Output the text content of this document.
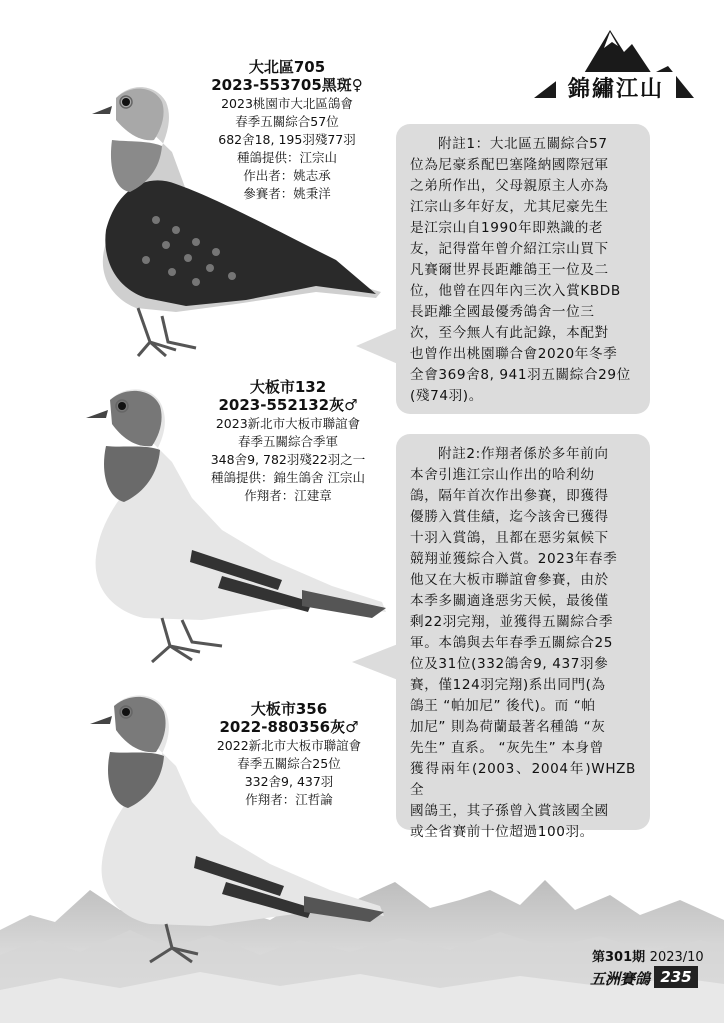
錦繡江山
大北區705
2023-553705黑斑♀
2023桃園市大北區鴿會
春季五關綜合57位
682舍18, 195羽殘77羽
種鴿提供：江宗山
作出者：姚志承
參賽者：姚秉洋
大板市132
2023-552132灰♂
2023新北市大板市聯誼會
春季五關綜合季軍
348舍9, 782羽殘22羽之一
種鴿提供：錦生鴿舍 江宗山
作翔者：江建章
大板市356
2022-880356灰♂
2022新北市大板市聯誼會
春季五關綜合25位
332舍9, 437羽
作翔者：江哲論

附註1：大北區五關綜合57

位為尼豪系配巴塞隆納國際冠軍

之弟所作出，父母親原主人亦為

江宗山多年好友，尤其尼豪先生

是江宗山自1990年即熟識的老

友，記得當年曾介紹江宗山買下

凡賽爾世界長距離鴿王一位及二

位，他曾在四年內三次入賞KBDB

長距離全國最優秀鴿舍一位三

次，至今無人有此記錄，本配對

也曾作出桃園聯合會2020年冬季

全會369舍8, 941羽五關綜合29位

(殘74羽)。

附註2:作翔者係於多年前向

本舍引進江宗山作出的哈利幼

鴿，隔年首次作出參賽，即獲得

優勝入賞佳績，迄今該舍已獲得

十羽入賞鴿，且都在惡劣氣候下

競翔並獲綜合入賞。2023年春季

他又在大板市聯誼會參賽，由於

本季多關適逢惡劣天候，最後僅

剩22羽完翔，並獲得五關綜合季

軍。本鴿與去年春季五關綜合25

位及31位(332鴿舍9, 437羽參

賽，僅124羽完翔)系出同門(為

鴿王 “帕加尼” 後代)。而 “帕

加尼” 則為荷蘭最著名種鴿 “灰

先生” 直系。 “灰先生” 本身曾

獲得兩年(2003、2004年)WHZB全

國鴿王，其子孫曾入賞該國全國

或全省賽前十位超過100羽。

第301期 2023/10
五洲賽鴿 235
